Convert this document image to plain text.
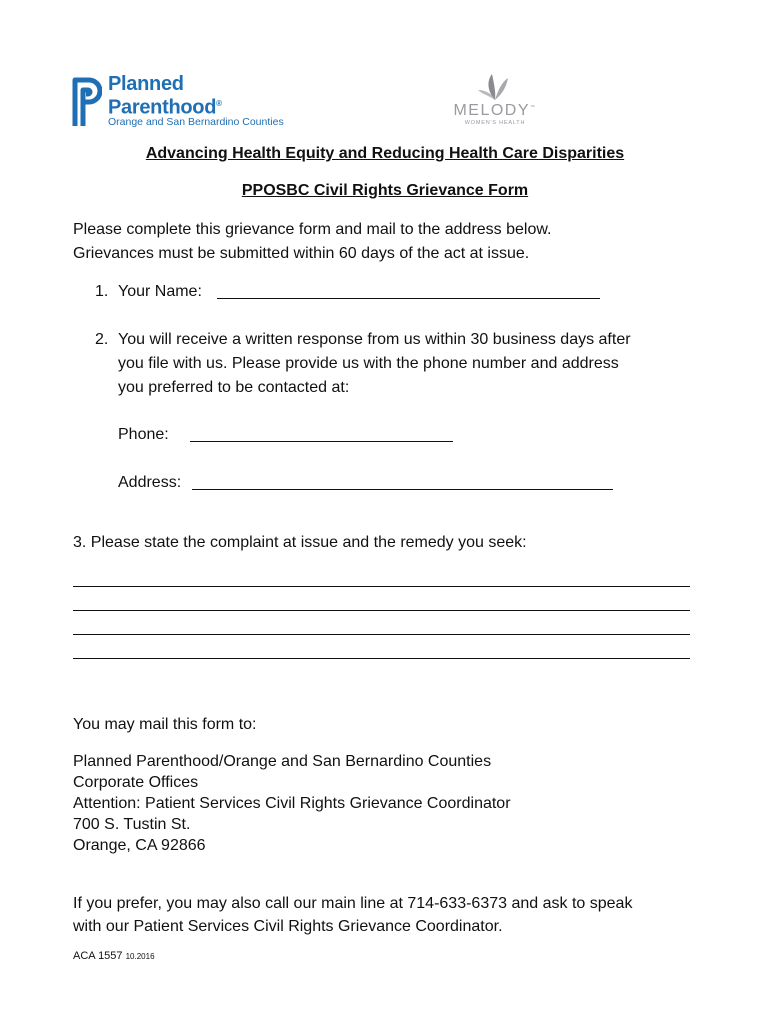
Planned
Parenthood®
Orange and San Bernardino Counties
MELODY™
WOMEN'S HEALTH
Advancing Health Equity and Reducing Health Care Disparities
PPOSBC Civil Rights Grievance Form
Please complete this grievance form and mail to the address below.
Grievances must be submitted within 60 days of the act at issue.
1. Your Name:
2. You will receive a written response from us within 30 business days after
you file with us. Please provide us with the phone number and address
you preferred to be contacted at:
Phone:
Address:
3. Please state the complaint at issue and the remedy you seek:
You may mail this form to:
Planned Parenthood/Orange and San Bernardino Counties
Corporate Offices
Attention: Patient Services Civil Rights Grievance Coordinator
700 S. Tustin St.
Orange, CA 92866
If you prefer, you may also call our main line at 714-633-6373 and ask to speak
with our Patient Services Civil Rights Grievance Coordinator.
ACA 1557 10.2016
